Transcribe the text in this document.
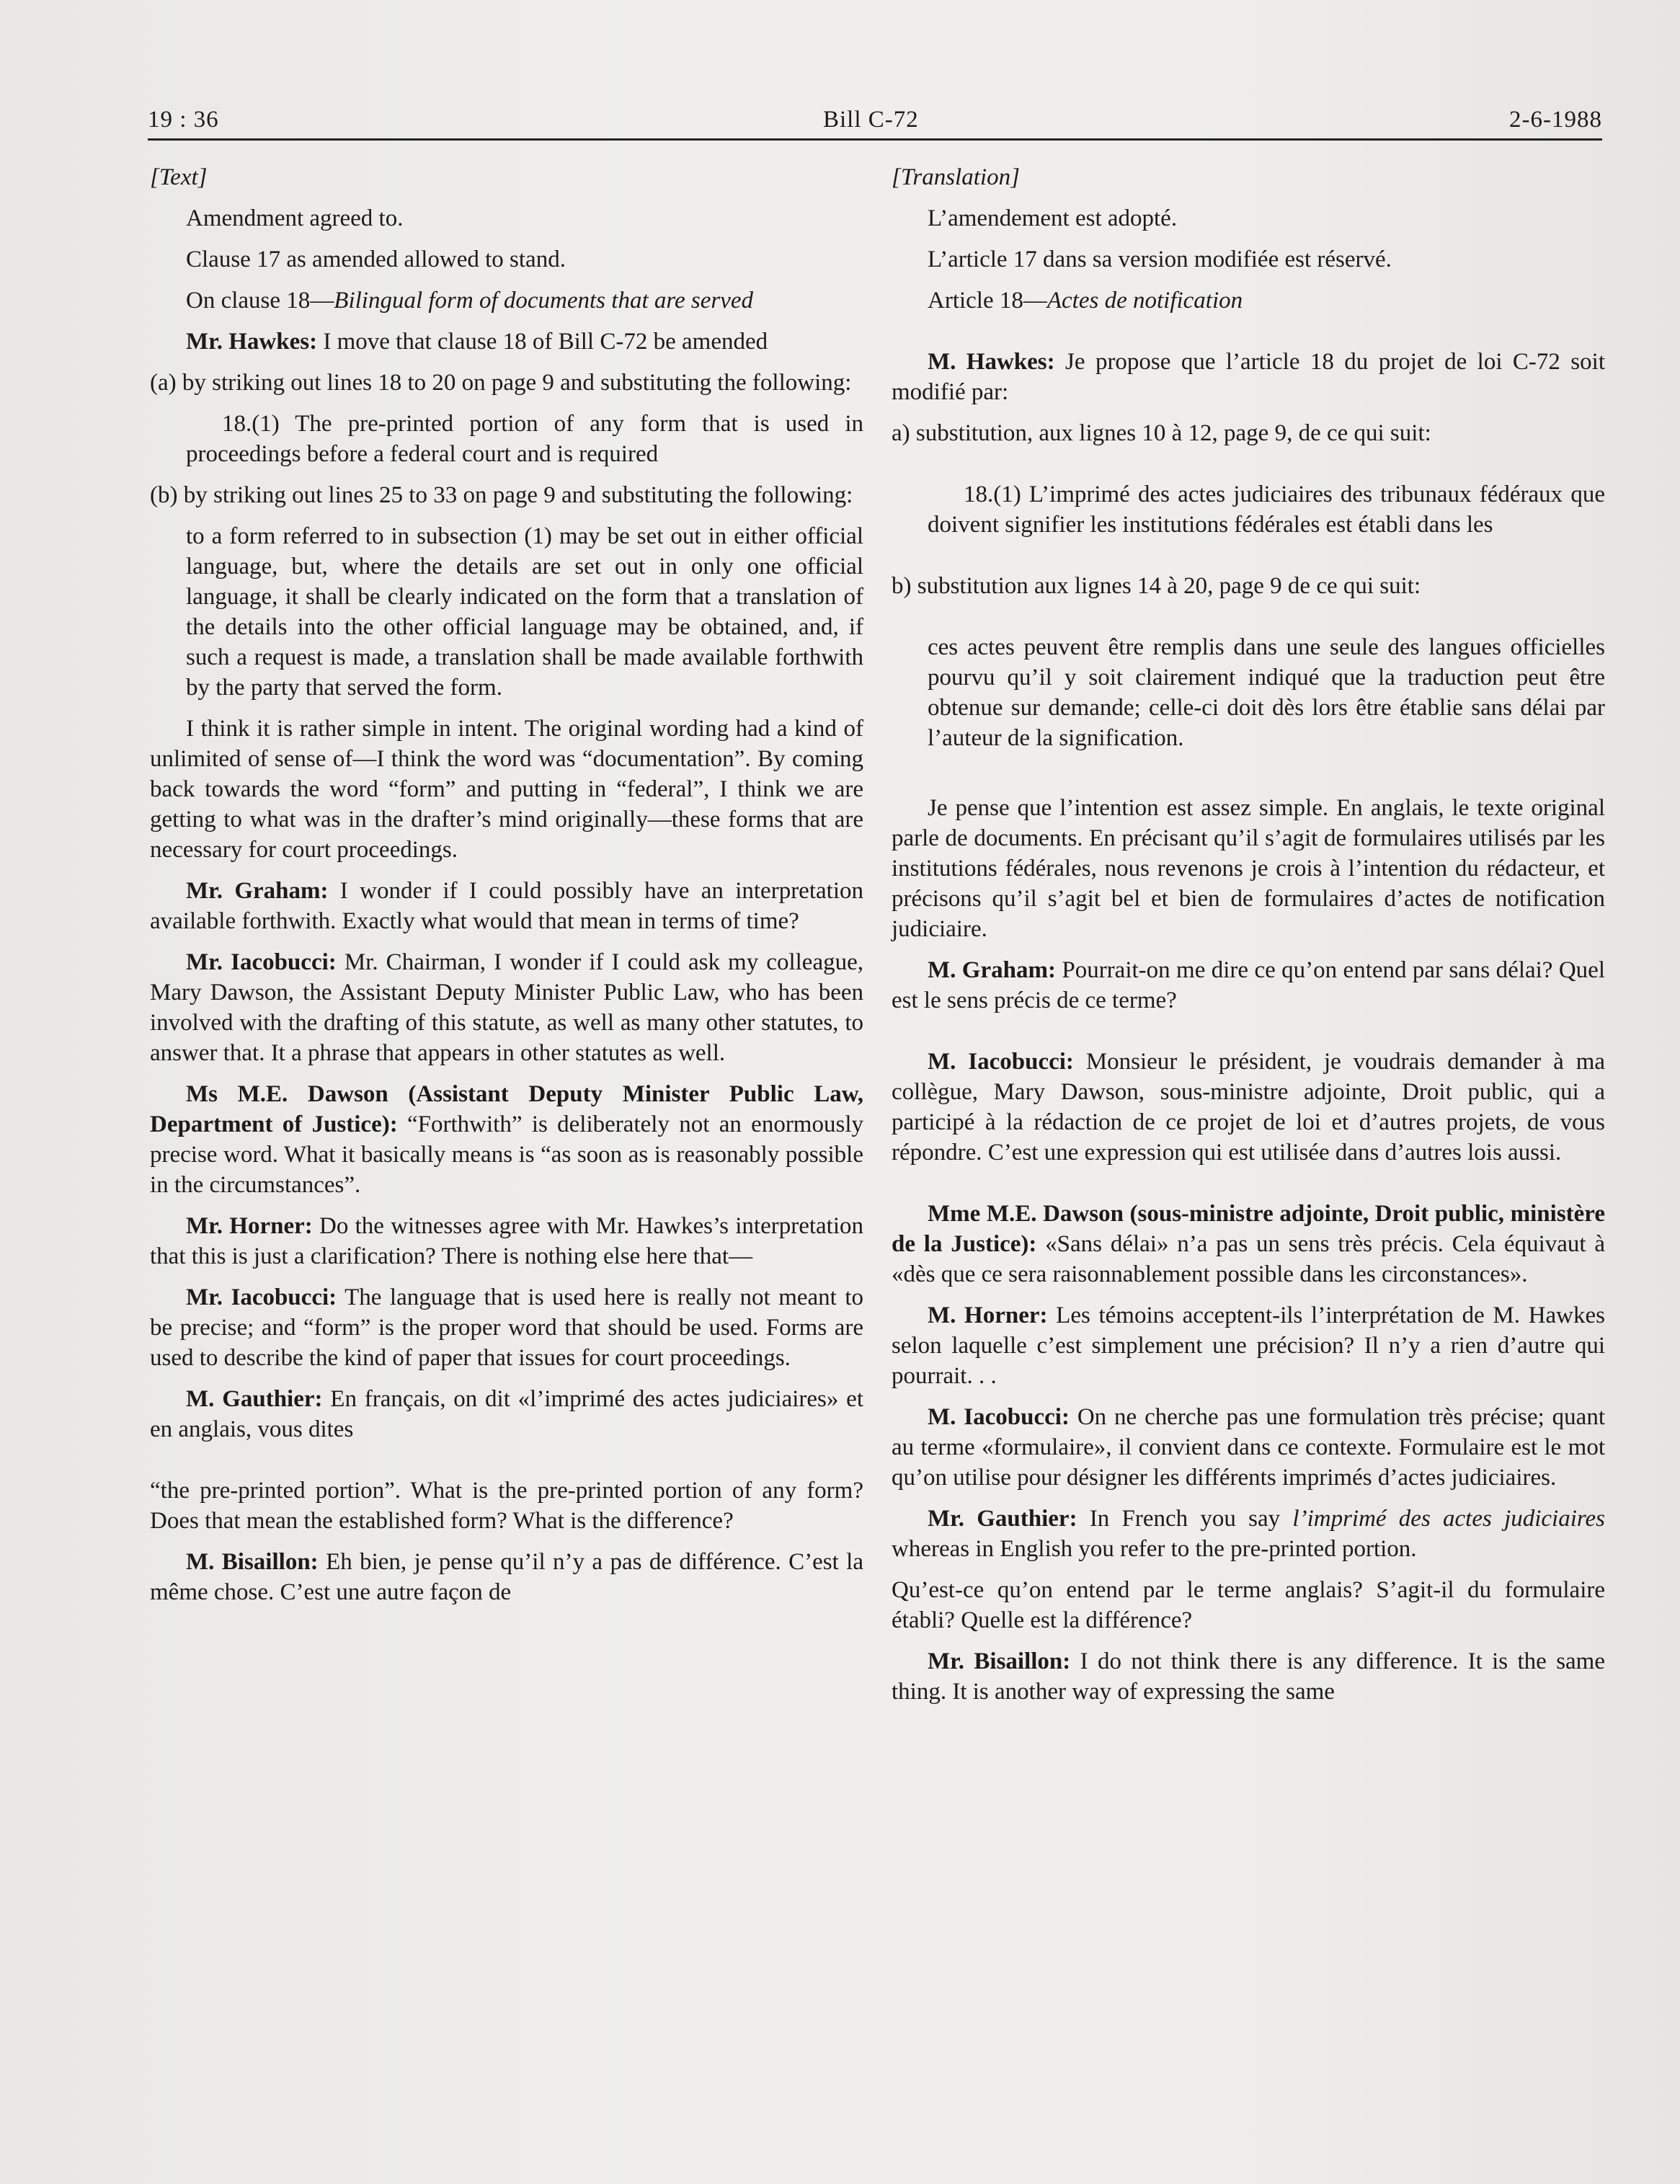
19 : 36	Bill C-72	2-6-1988

[Text]

Amendment agreed to.

Clause 17 as amended allowed to stand.

On clause 18—Bilingual form of documents that are served

Mr. Hawkes: I move that clause 18 of Bill C-72 be amended

(a) by striking out lines 18 to 20 on page 9 and substituting the following:

18.(1) The pre-printed portion of any form that is used in proceedings before a federal court and is required

(b) by striking out lines 25 to 33 on page 9 and substituting the following:

to a form referred to in subsection (1) may be set out in either official language, but, where the details are set out in only one official language, it shall be clearly indicated on the form that a translation of the details into the other official language may be obtained, and, if such a request is made, a translation shall be made available forthwith by the party that served the form.

I think it is rather simple in intent. The original wording had a kind of unlimited of sense of—I think the word was “documentation”. By coming back towards the word “form” and putting in “federal”, I think we are getting to what was in the drafter’s mind originally—these forms that are necessary for court proceedings.

Mr. Graham: I wonder if I could possibly have an interpretation available forthwith. Exactly what would that mean in terms of time?

Mr. Iacobucci: Mr. Chairman, I wonder if I could ask my colleague, Mary Dawson, the Assistant Deputy Minister Public Law, who has been involved with the drafting of this statute, as well as many other statutes, to answer that. It a phrase that appears in other statutes as well.

Ms M.E. Dawson (Assistant Deputy Minister Public Law, Department of Justice): “Forthwith” is deliberately not an enormously precise word. What it basically means is “as soon as is reasonably possible in the circumstances”.

Mr. Horner: Do the witnesses agree with Mr. Hawkes’s interpretation that this is just a clarification? There is nothing else here that—

Mr. Iacobucci: The language that is used here is really not meant to be precise; and “form” is the proper word that should be used. Forms are used to describe the kind of paper that issues for court proceedings.

M. Gauthier: En français, on dit «l’imprimé des actes judiciaires» et en anglais, vous dites

“the pre-printed portion”. What is the pre-printed portion of any form? Does that mean the established form? What is the difference?

M. Bisaillon: Eh bien, je pense qu’il n’y a pas de différence. C’est la même chose. C’est une autre façon de

[Translation]

L’amendement est adopté.

L’article 17 dans sa version modifiée est réservé.

Article 18—Actes de notification

M. Hawkes: Je propose que l’article 18 du projet de loi C-72 soit modifié par:

a) substitution, aux lignes 10 à 12, page 9, de ce qui suit:

18.(1) L’imprimé des actes judiciaires des tribunaux fédéraux que doivent signifier les institutions fédérales est établi dans les

b) substitution aux lignes 14 à 20, page 9 de ce qui suit:

ces actes peuvent être remplis dans une seule des langues officielles pourvu qu’il y soit clairement indiqué que la traduction peut être obtenue sur demande; celle-ci doit dès lors être établie sans délai par l’auteur de la signification.

Je pense que l’intention est assez simple. En anglais, le texte original parle de documents. En précisant qu’il s’agit de formulaires utilisés par les institutions fédérales, nous revenons je crois à l’intention du rédacteur, et précisons qu’il s’agit bel et bien de formulaires d’actes de notification judiciaire.

M. Graham: Pourrait-on me dire ce qu’on entend par sans délai? Quel est le sens précis de ce terme?

M. Iacobucci: Monsieur le président, je voudrais demander à ma collègue, Mary Dawson, sous-ministre adjointe, Droit public, qui a participé à la rédaction de ce projet de loi et d’autres projets, de vous répondre. C’est une expression qui est utilisée dans d’autres lois aussi.

Mme M.E. Dawson (sous-ministre adjointe, Droit public, ministère de la Justice): «Sans délai» n’a pas un sens très précis. Cela équivaut à «dès que ce sera raisonnablement possible dans les circonstances».

M. Horner: Les témoins acceptent-ils l’interprétation de M. Hawkes selon laquelle c’est simplement une précision? Il n’y a rien d’autre qui pourrait. . .

M. Iacobucci: On ne cherche pas une formulation très précise; quant au terme «formulaire», il convient dans ce contexte. Formulaire est le mot qu’on utilise pour désigner les différents imprimés d’actes judiciaires.

Mr. Gauthier: In French you say l’imprimé des actes judiciaires whereas in English you refer to the pre-printed portion.

Qu’est-ce qu’on entend par le terme anglais? S’agit-il du formulaire établi? Quelle est la différence?

Mr. Bisaillon: I do not think there is any difference. It is the same thing. It is another way of expressing the same
